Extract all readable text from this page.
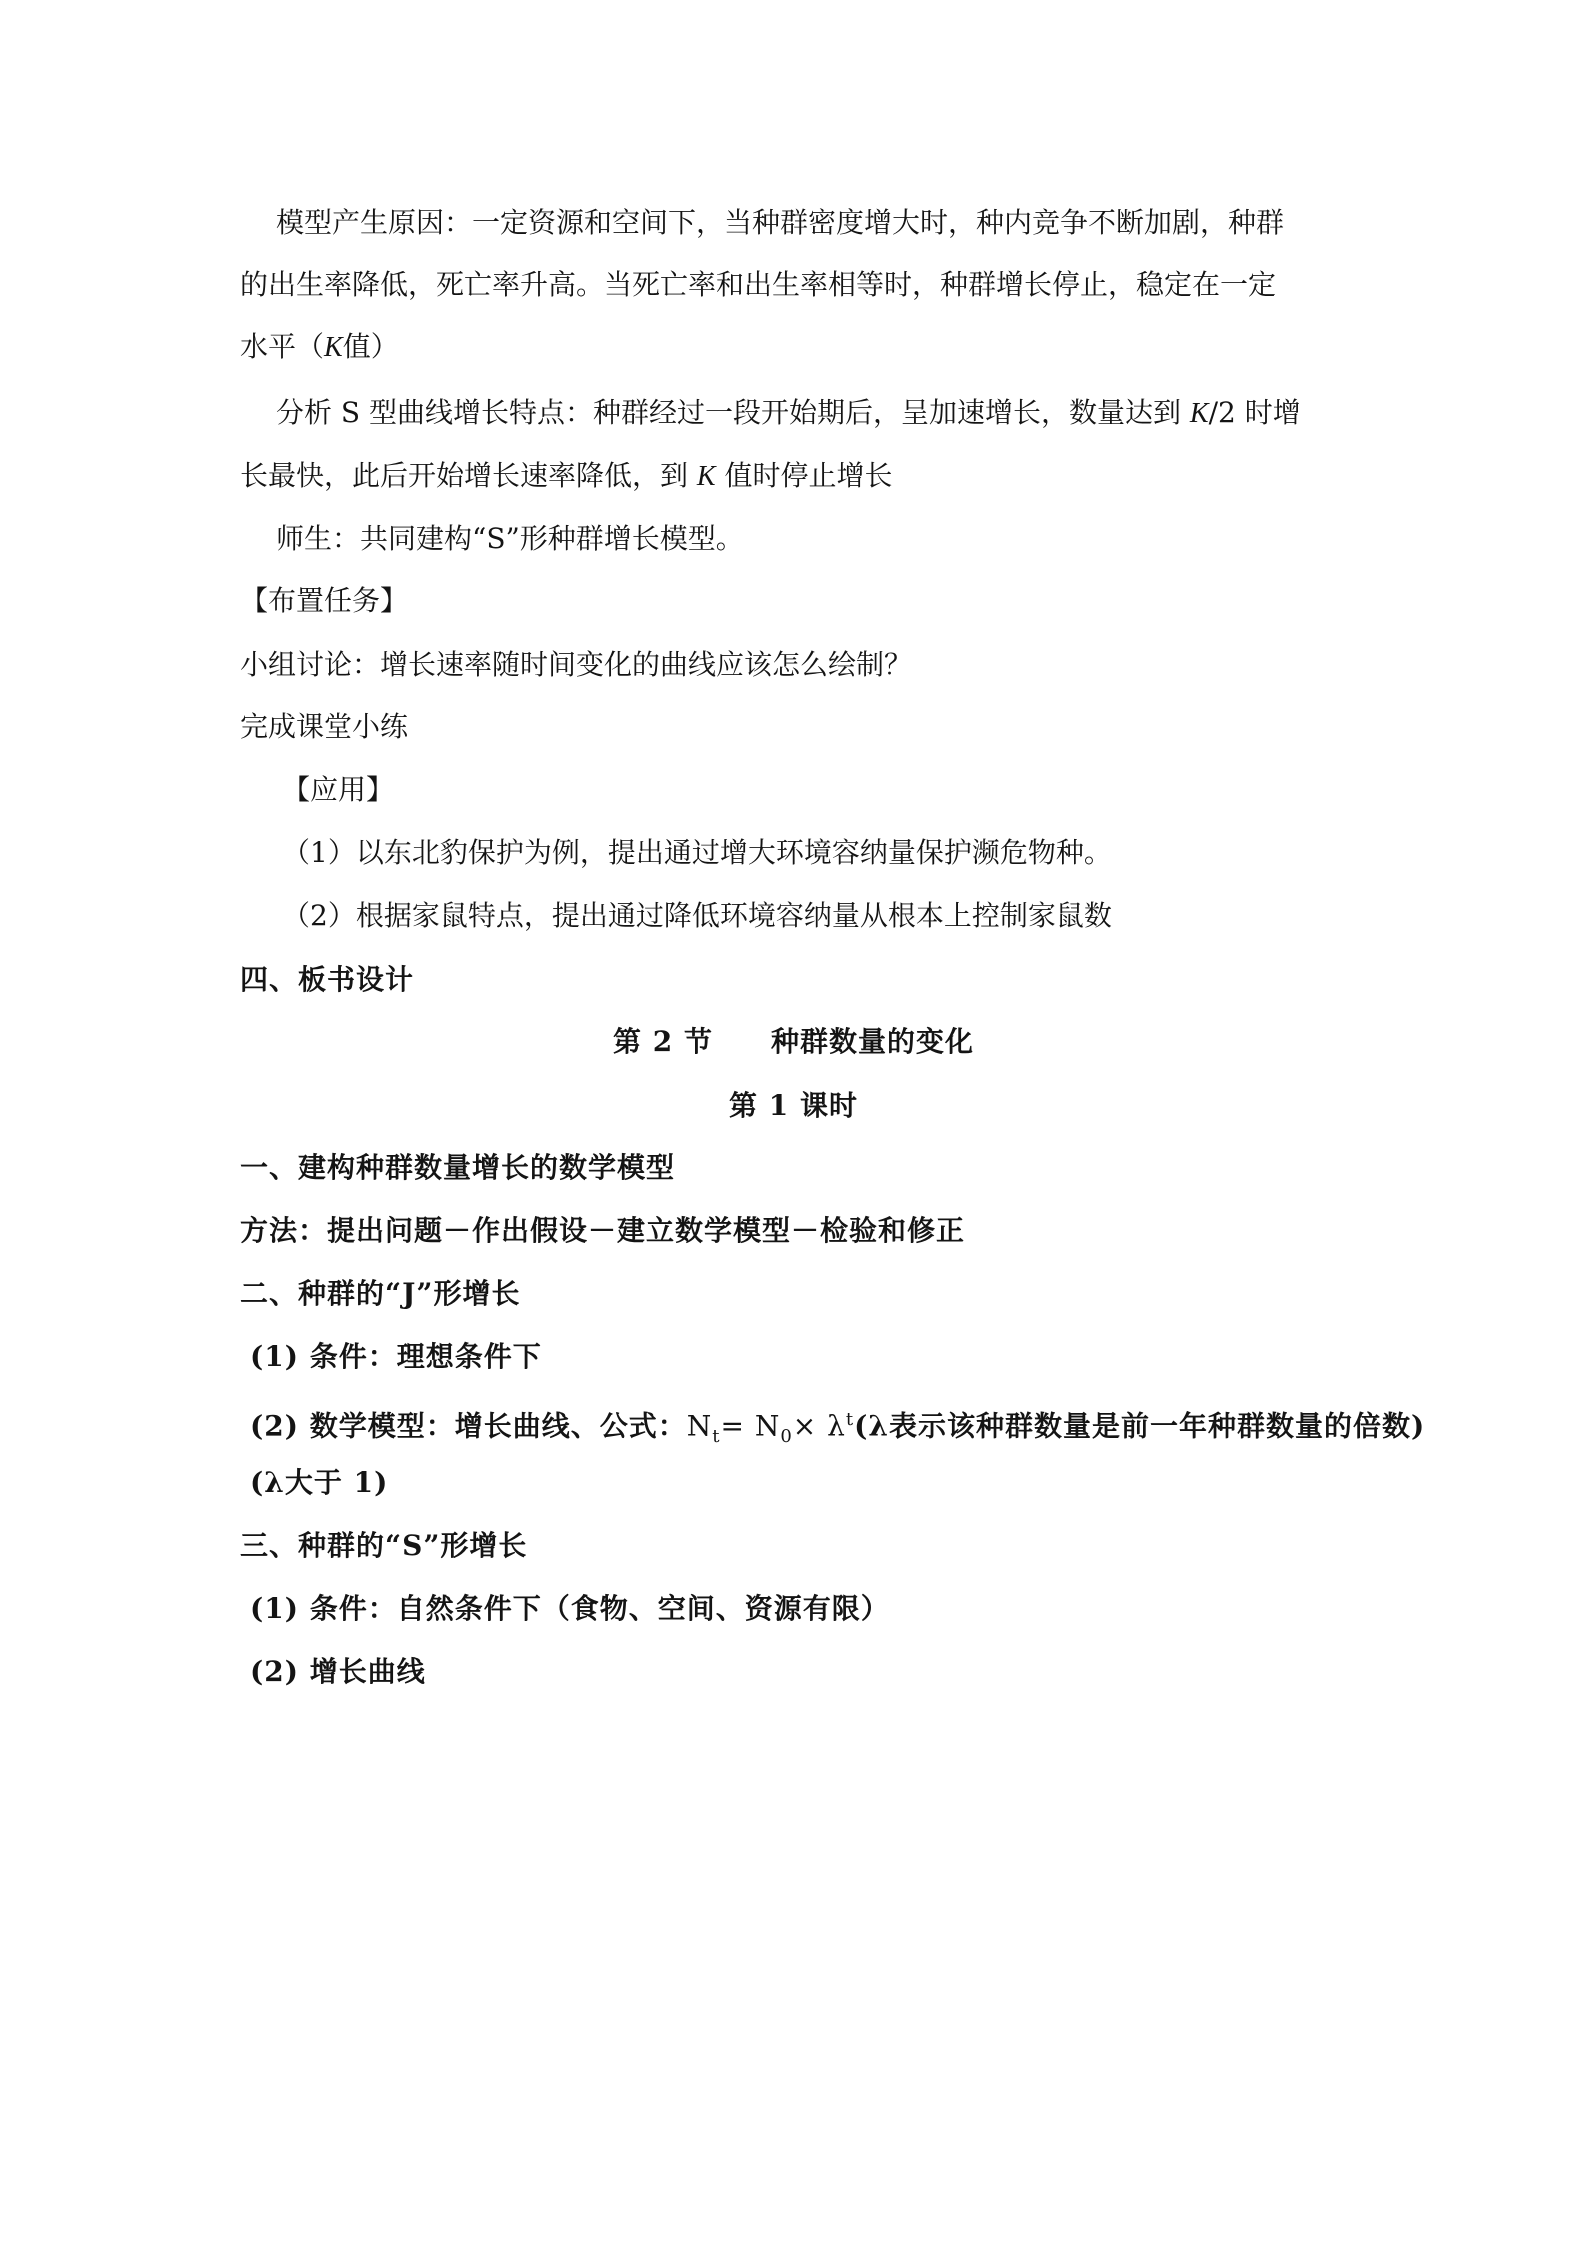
模型产生原因：一定资源和空间下，当种群密度增大时，种内竞争不断加剧，种群
的出生率降低，死亡率升高。当死亡率和出生率相等时，种群增长停止，稳定在一定
水平（K值）
分析 S 型曲线增长特点：种群经过一段开始期后，呈加速增长，数量达到 K/2 时增
长最快，此后开始增长速率降低，到 K 值时停止增长
师生：共同建构“S”形种群增长模型。
【布置任务】
小组讨论：增长速率随时间变化的曲线应该怎么绘制？
完成课堂小练
【应用】
（1）以东北豹保护为例，提出通过增大环境容纳量保护濒危物种。
（2）根据家鼠特点，提出通过降低环境容纳量从根本上控制家鼠数
四、板书设计
第 2 节　　种群数量的变化
第 1 课时
一、建构种群数量增长的数学模型
方法：提出问题－作出假设－建立数学模型－检验和修正
二、种群的“J”形增长
(1) 条件：理想条件下
(2) 数学模型：增长曲线、公式：$N_t= N_0\times \lambda^t(\lambda$表示该种群数量是前一年种群数量的倍数)
(λ大于 1)
三、种群的“S”形增长
(1) 条件：自然条件下（食物、空间、资源有限）
(2) 增长曲线
